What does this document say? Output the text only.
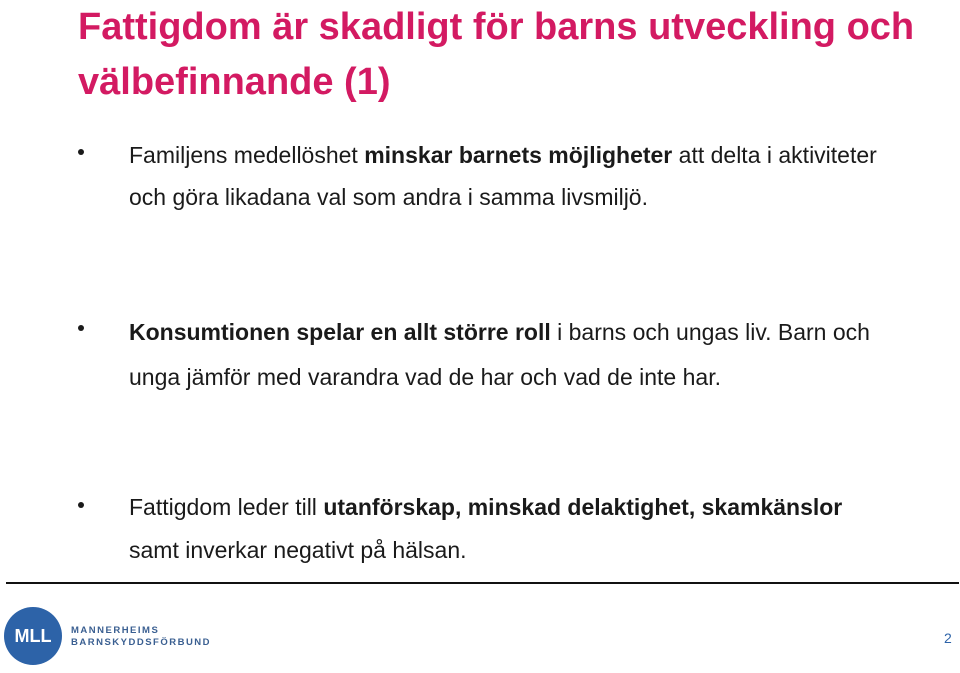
Fattigdom är skadligt för barns utveckling och välbefinnande (1)
Familjens medellöshet minskar barnets möjligheter att delta i aktiviteter och göra likadana val som andra i samma livsmiljö.
Konsumtionen spelar en allt större roll i barns och ungas liv. Barn och unga jämför med varandra vad de har och vad de inte har.
Fattigdom leder till utanförskap, minskad delaktighet, skamkänslor samt inverkar negativt på hälsan.
MLL	MANNERHEIMS
BARNSKYDDSFÖRBUND	2
